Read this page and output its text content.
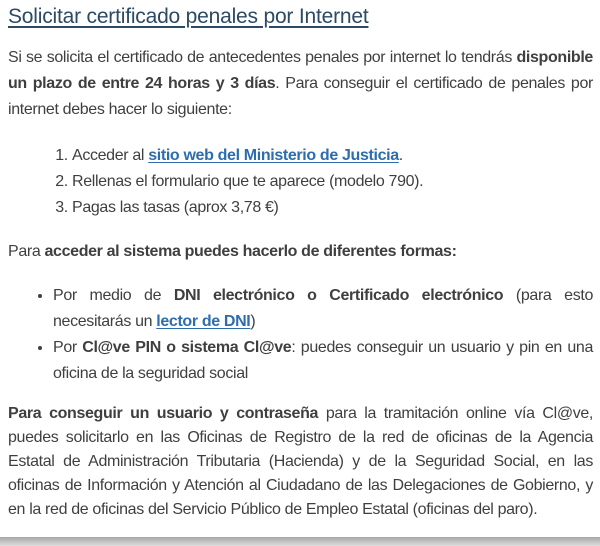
Solicitar certificado penales por Internet

Si se solicita el certificado de antecedentes penales por internet lo tendrás disponible un plazo de entre 24 horas y 3 días. Para conseguir el certificado de penales por internet debes hacer lo siguiente:

1. Acceder al sitio web del Ministerio de Justicia.
2. Rellenas el formulario que te aparece (modelo 790).
3. Pagas las tasas (aprox 3,78 €)

Para acceder al sistema puedes hacerlo de diferentes formas:

• Por medio de DNI electrónico o Certificado electrónico (para esto necesitarás un lector de DNI)
• Por Cl@ve PIN o sistema Cl@ve: puedes conseguir un usuario y pin en una oficina de la seguridad social

Para conseguir un usuario y contraseña para la tramitación online vía Cl@ve, puedes solicitarlo en las Oficinas de Registro de la red de oficinas de la Agencia Estatal de Administración Tributaria (Hacienda) y de la Seguridad Social, en las oficinas de Información y Atención al Ciudadano de las Delegaciones de Gobierno, y en la red de oficinas del Servicio Público de Empleo Estatal (oficinas del paro).
